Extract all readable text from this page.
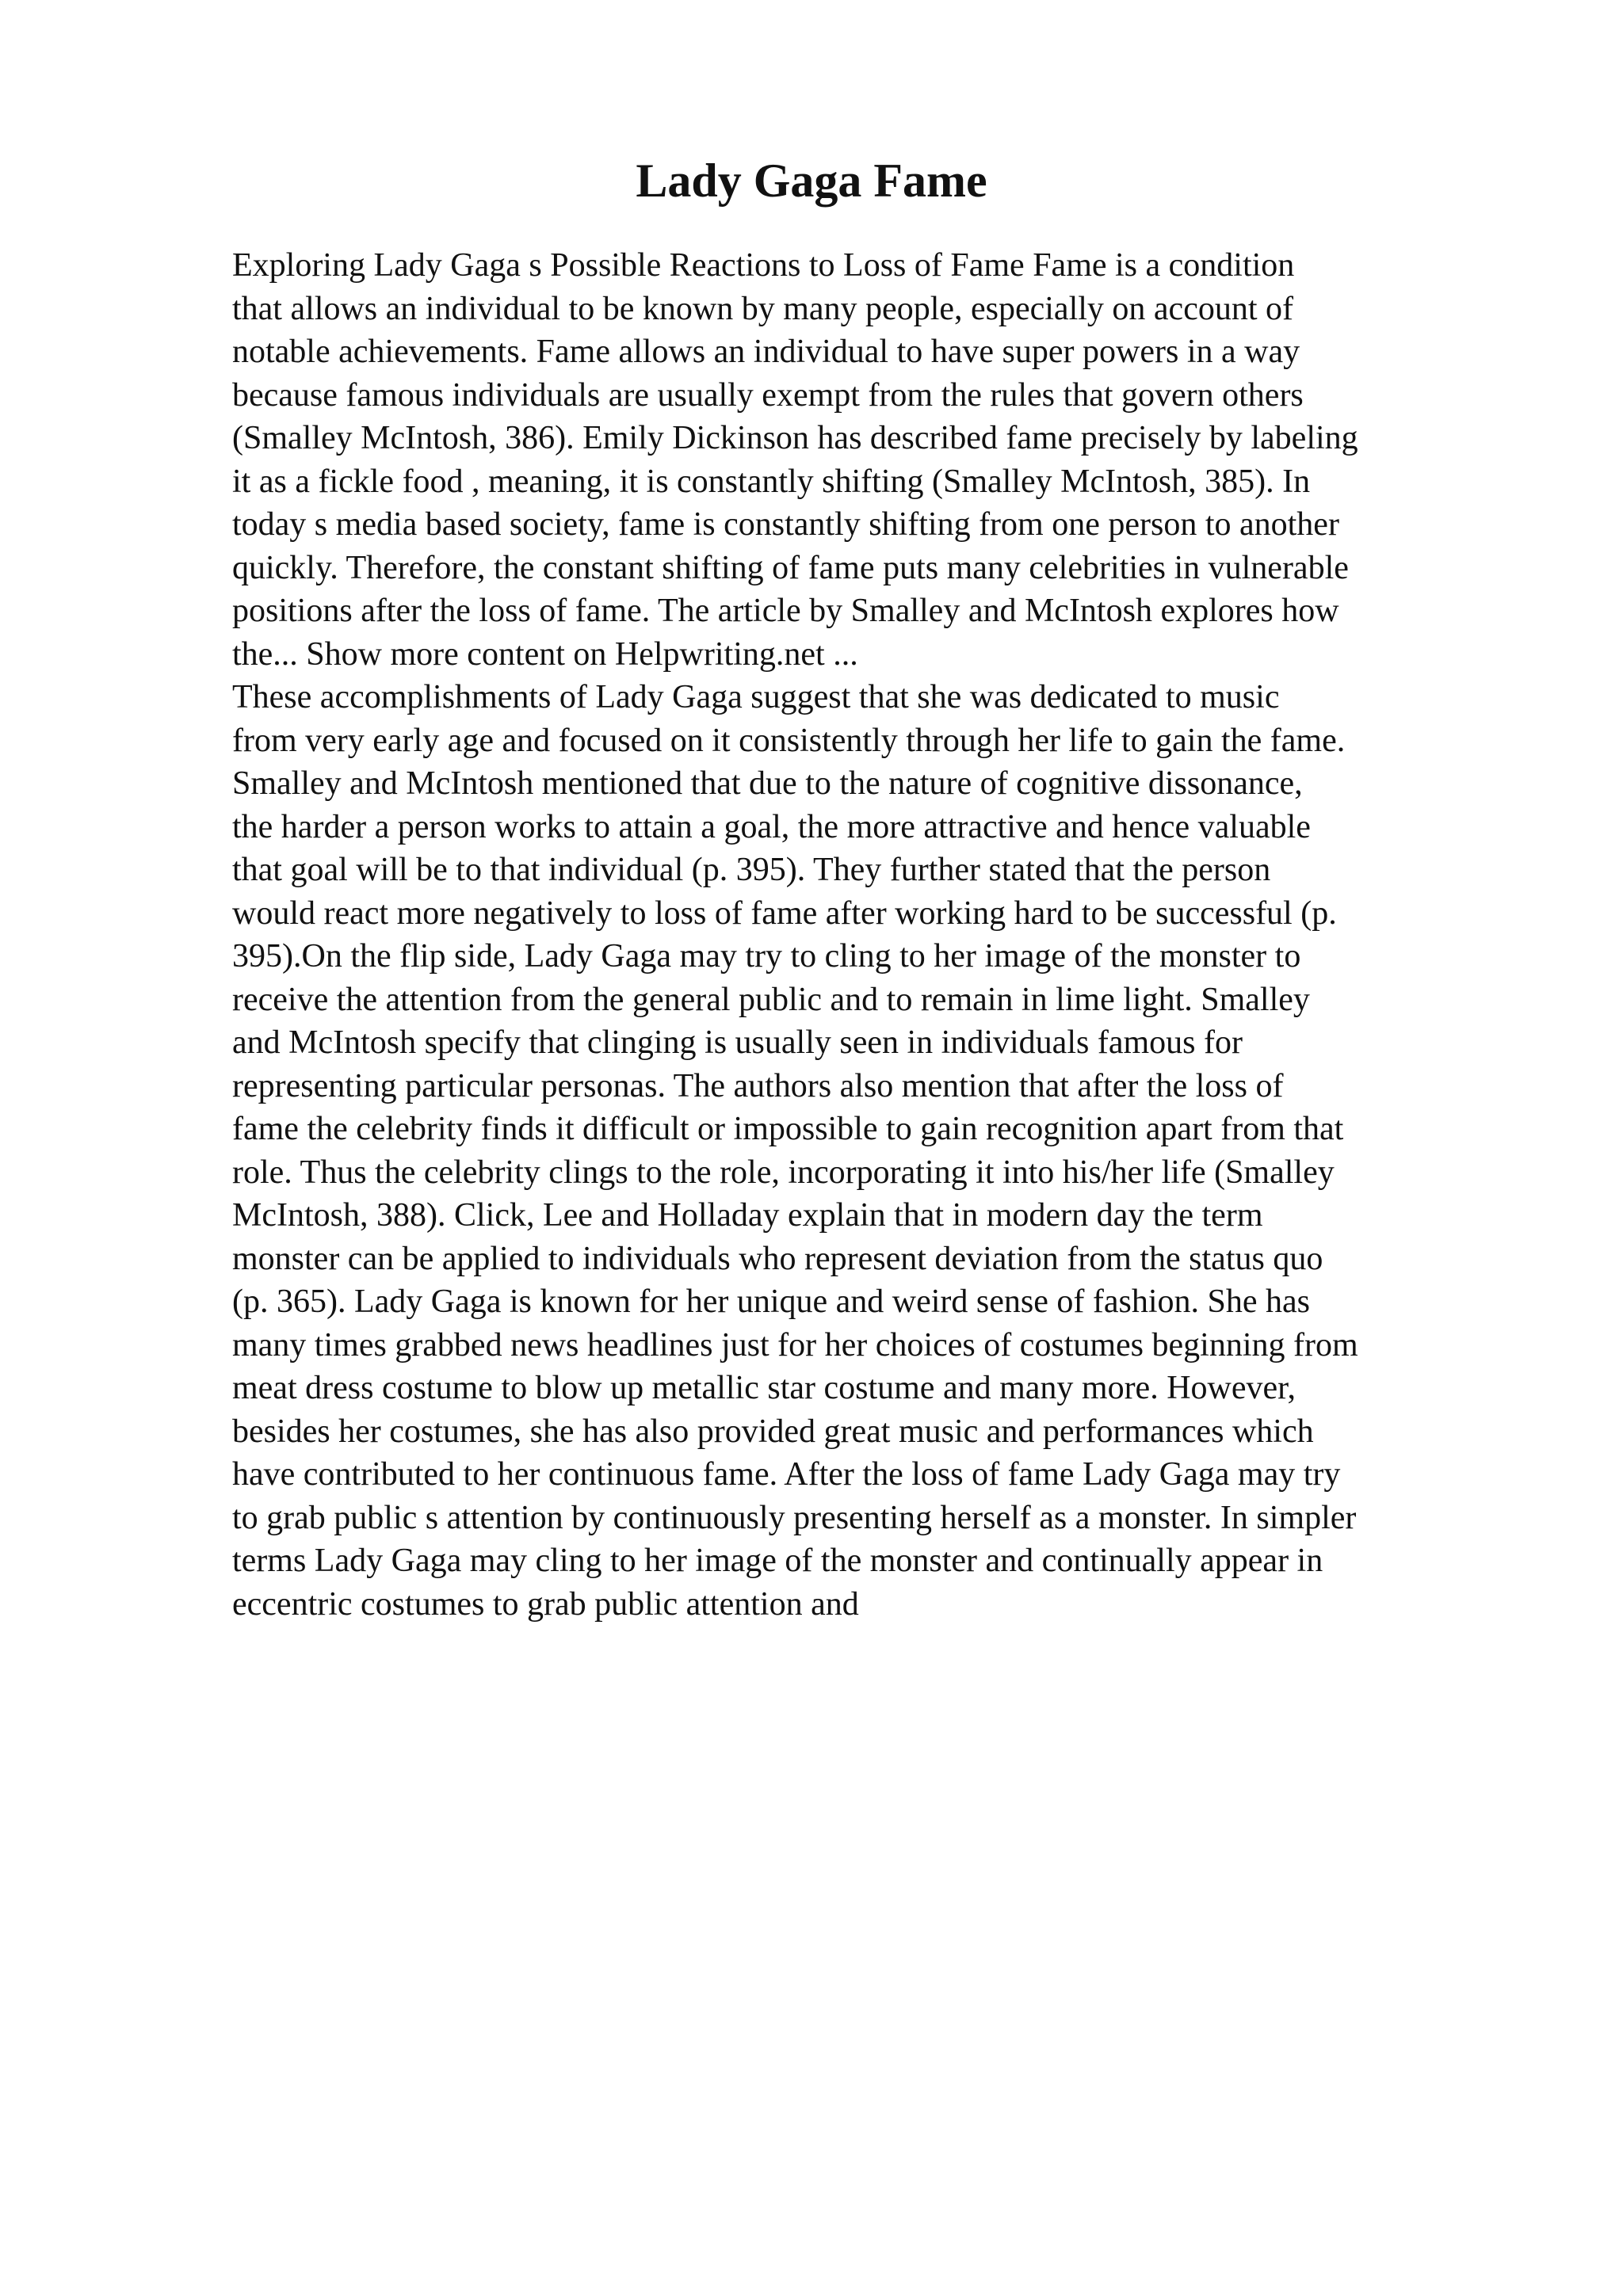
Lady Gaga Fame
Exploring Lady Gaga s Possible Reactions to Loss of Fame Fame is a condition
that allows an individual to be known by many people, especially on account of
notable achievements. Fame allows an individual to have super powers in a way
because famous individuals are usually exempt from the rules that govern others
(Smalley McIntosh, 386). Emily Dickinson has described fame precisely by labeling
it as a fickle food , meaning, it is constantly shifting (Smalley McIntosh, 385). In
today s media based society, fame is constantly shifting from one person to another
quickly. Therefore, the constant shifting of fame puts many celebrities in vulnerable
positions after the loss of fame. The article by Smalley and McIntosh explores how
the... Show more content on Helpwriting.net ...
These accomplishments of Lady Gaga suggest that she was dedicated to music
from very early age and focused on it consistently through her life to gain the fame.
Smalley and McIntosh mentioned that due to the nature of cognitive dissonance,
the harder a person works to attain a goal, the more attractive and hence valuable
that goal will be to that individual (p. 395). They further stated that the person
would react more negatively to loss of fame after working hard to be successful (p.
395).On the flip side, Lady Gaga may try to cling to her image of the monster to
receive the attention from the general public and to remain in lime light. Smalley
and McIntosh specify that clinging is usually seen in individuals famous for
representing particular personas. The authors also mention that after the loss of
fame the celebrity finds it difficult or impossible to gain recognition apart from that
role. Thus the celebrity clings to the role, incorporating it into his/her life (Smalley
McIntosh, 388). Click, Lee and Holladay explain that in modern day the term
monster can be applied to individuals who represent deviation from the status quo
(p. 365). Lady Gaga is known for her unique and weird sense of fashion. She has
many times grabbed news headlines just for her choices of costumes beginning from
meat dress costume to blow up metallic star costume and many more. However,
besides her costumes, she has also provided great music and performances which
have contributed to her continuous fame. After the loss of fame Lady Gaga may try
to grab public s attention by continuously presenting herself as a monster. In simpler
terms Lady Gaga may cling to her image of the monster and continually appear in
eccentric costumes to grab public attention and
